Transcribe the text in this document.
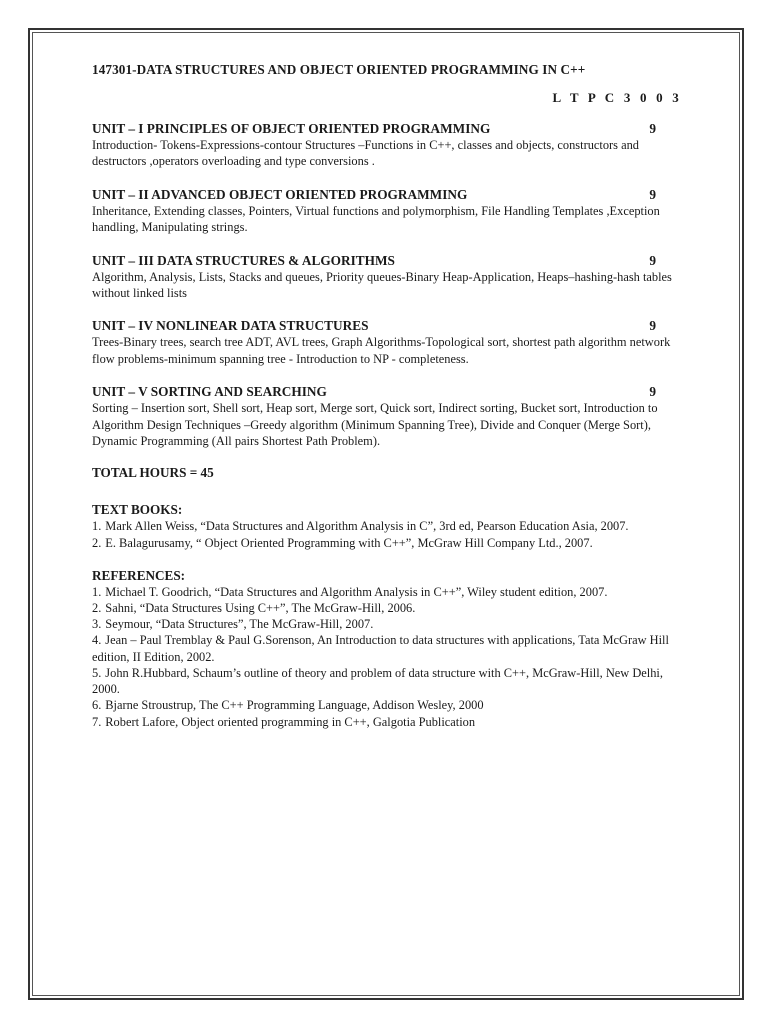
147301-DATA STRUCTURES AND OBJECT ORIENTED PROGRAMMING IN C++
L T P C 3 0 0 3
UNIT – I PRINCIPLES OF OBJECT ORIENTED PROGRAMMING	9

Introduction- Tokens-Expressions-contour Structures –Functions in C++, classes and objects, constructors and destructors ,operators overloading and type conversions .

UNIT – II ADVANCED OBJECT ORIENTED PROGRAMMING	9

Inheritance, Extending classes, Pointers, Virtual functions and polymorphism, File Handling Templates ,Exception handling, Manipulating strings.

UNIT – III DATA STRUCTURES & ALGORITHMS	9

Algorithm, Analysis, Lists, Stacks and queues, Priority queues-Binary Heap-Application, Heaps–hashing-hash tables without linked lists

UNIT – IV NONLINEAR DATA STRUCTURES	9

Trees-Binary trees, search tree ADT, AVL trees, Graph Algorithms-Topological sort, shortest path algorithm network flow problems-minimum spanning tree - Introduction to NP - completeness.

UNIT – V SORTING AND SEARCHING	9

Sorting – Insertion sort, Shell sort, Heap sort, Merge sort, Quick sort, Indirect sorting, Bucket sort, Introduction to Algorithm Design Techniques –Greedy algorithm (Minimum Spanning Tree), Divide and Conquer (Merge Sort), Dynamic Programming (All pairs Shortest Path Problem).

TOTAL HOURS = 45
TEXT BOOKS:
1. Mark Allen Weiss, “Data Structures and Algorithm Analysis in C”, 3rd ed, Pearson Education Asia, 2007.
2. E. Balagurusamy, “ Object Oriented Programming with C++”, McGraw Hill Company Ltd., 2007.
REFERENCES:
1. Michael T. Goodrich, “Data Structures and Algorithm Analysis in C++”, Wiley student edition, 2007.
2. Sahni, “Data Structures Using C++”, The McGraw-Hill, 2006.
3. Seymour, “Data Structures”, The McGraw-Hill, 2007.
4. Jean – Paul Tremblay & Paul G.Sorenson, An Introduction to data structures with applications, Tata McGraw Hill edition, II Edition, 2002.
5. John R.Hubbard, Schaum’s outline of theory and problem of data structure with C++, McGraw-Hill, New Delhi, 2000.
6. Bjarne Stroustrup, The C++ Programming Language, Addison Wesley, 2000
7. Robert Lafore, Object oriented programming in C++, Galgotia Publication
